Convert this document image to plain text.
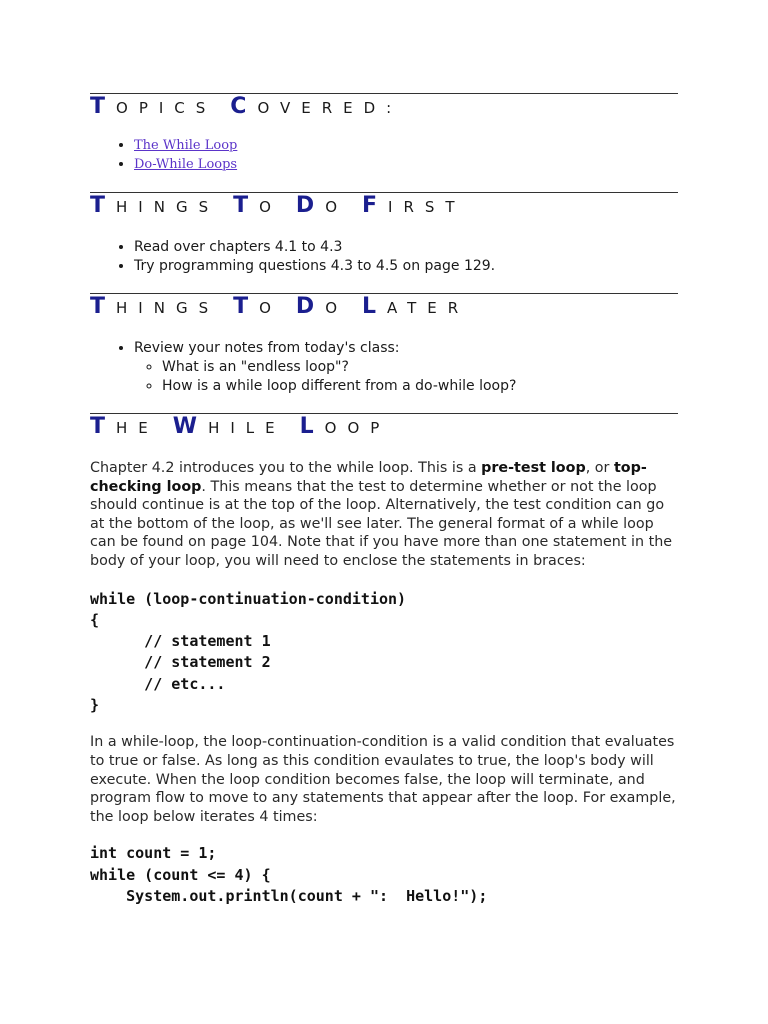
TOPICS COVERED:
• The While Loop
• Do-While Loops
THINGS TO DO FIRST
• Read over chapters 4.1 to 4.3
• Try programming questions 4.3 to 4.5 on page 129.
THINGS TO DO LATER
• Review your notes from today's class:
◦ What is an "endless loop"?
◦ How is a while loop different from a do-while loop?
THE WHILE LOOP

Chapter 4.2 introduces you to the while loop. This is a pre-test loop, or top-checking loop. This means that the test to determine whether or not the loop should continue is at the top of the loop. Alternatively, the test condition can go at the bottom of the loop, as we'll see later. The general format of a while loop can be found on page 104. Note that if you have more than one statement in the body of your loop, you will need to enclose the statements in braces:

while (loop-continuation-condition)
{
// statement 1
// statement 2
// etc...
}

In a while-loop, the loop-continuation-condition is a valid condition that evaluates to true or false. As long as this condition evaulates to true, the loop's body will execute. When the loop condition becomes false, the loop will terminate, and program flow to move to any statements that appear after the loop. For example, the loop below iterates 4 times:

int count = 1;
while (count <= 4) {
System.out.println(count + ":  Hello!");
